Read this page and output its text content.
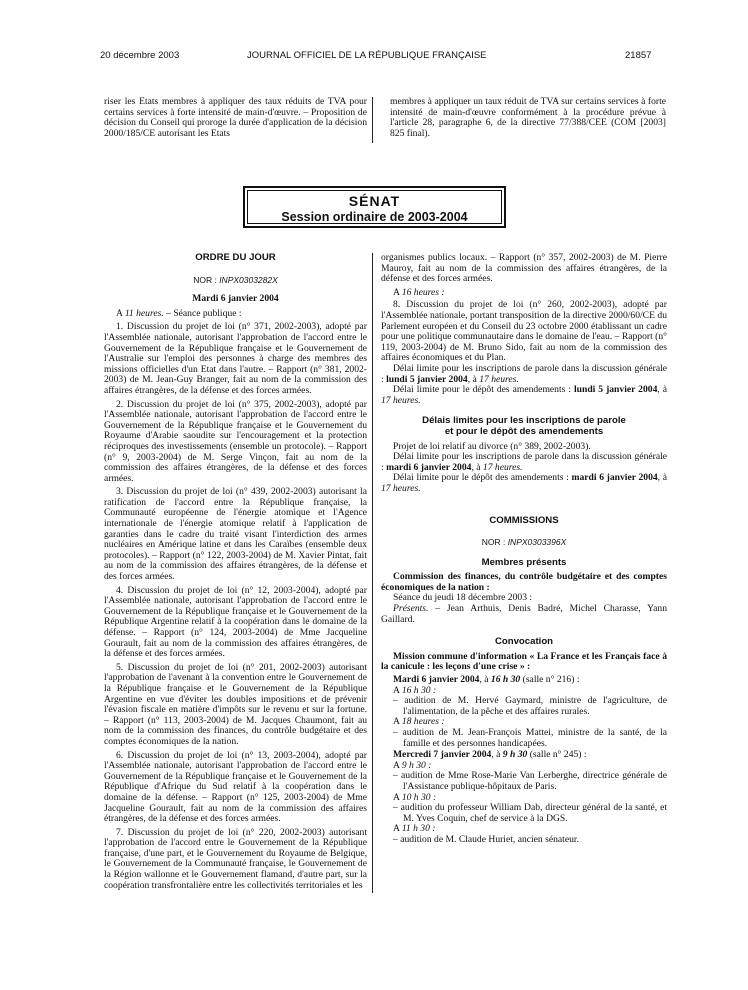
20 décembre 2003	JOURNAL OFFICIEL DE LA RÉPUBLIQUE FRANÇAISE	21857

riser les Etats membres à appliquer des taux réduits de TVA pour certains services à forte intensité de main-d'œuvre. – Proposition de décision du Conseil qui proroge la durée d'application de la décision 2000/185/CE autorisant les Etats

membres à appliquer un taux réduit de TVA sur certains services à forte intensité de main-d'œuvre conformément à la procédure prévue à l'article 28, paragraphe 6, de la directive 77/388/CEE (COM [2003] 825 final).

SÉNAT
Session ordinaire de 2003-2004

ORDRE DU JOUR

NOR : INPX0303282X

Mardi 6 janvier 2004

A 11 heures. – Séance publique :

1. Discussion du projet de loi (n° 371, 2002-2003), adopté par l'Assemblée nationale, autorisant l'approbation de l'accord entre le Gouvernement de la République française et le Gouvernement de l'Australie sur l'emploi des personnes à charge des membres des missions officielles d'un Etat dans l'autre. – Rapport (n° 381, 2002-2003) de M. Jean-Guy Branger, fait au nom de la commission des affaires étrangères, de la défense et des forces armées.

2. Discussion du projet de loi (n° 375, 2002-2003), adopté par l'Assemblée nationale, autorisant l'approbation de l'accord entre le Gouvernement de la République française et le Gouvernement du Royaume d'Arabie saoudite sur l'encouragement et la protection réciproques des investissements (ensemble un protocole). – Rapport (n° 9, 2003-2004) de M. Serge Vinçon, fait au nom de la commission des affaires étrangères, de la défense et des forces armées.

3. Discussion du projet de loi (n° 439, 2002-2003) autorisant la ratification de l'accord entre la République française, la Communauté européenne de l'énergie atomique et l'Agence internationale de l'énergie atomique relatif à l'application de garanties dans le cadre du traité visant l'interdiction des armes nucléaires en Amérique latine et dans les Caraïbes (ensemble deux protocoles). – Rapport (n° 122, 2003-2004) de M. Xavier Pintat, fait au nom de la commission des affaires étrangères, de la défense et des forces armées.

4. Discussion du projet de loi (n° 12, 2003-2004), adopté par l'Assemblée nationale, autorisant l'approbation de l'accord entre le Gouvernement de la République française et le Gouvernement de la République Argentine relatif à la coopération dans le domaine de la défense. – Rapport (n° 124, 2003-2004) de Mme Jacqueline Gourault, fait au nom de la commission des affaires étrangères, de la défense et des forces armées.

5. Discussion du projet de loi (n° 201, 2002-2003) autorisant l'approbation de l'avenant à la convention entre le Gouvernement de la République française et le Gouvernement de la République Argentine en vue d'éviter les doubles impositions et de prévenir l'évasion fiscale en matière d'impôts sur le revenu et sur la fortune. – Rapport (n° 113, 2003-2004) de M. Jacques Chaumont, fait au nom de la commission des finances, du contrôle budgétaire et des comptes économiques de la nation.

6. Discussion du projet de loi (n° 13, 2003-2004), adopté par l'Assemblée nationale, autorisant l'approbation de l'accord entre le Gouvernement de la République française et le Gouvernement de la République d'Afrique du Sud relatif à la coopération dans le domaine de la défense. – Rapport (n° 125, 2003-2004) de Mme Jacqueline Gourault, fait au nom de la commission des affaires étrangères, de la défense et des forces armées.

7. Discussion du projet de loi (n° 220, 2002-2003) autorisant l'approbation de l'accord entre le Gouvernement de la République française, d'une part, et le Gouvernement du Royaume de Belgique, le Gouvernement de la Communauté française, le Gouvernement de la Région wallonne et le Gouvernement flamand, d'autre part, sur la coopération transfrontalière entre les collectivités territoriales et les

organismes publics locaux. – Rapport (n° 357, 2002-2003) de M. Pierre Mauroy, fait au nom de la commission des affaires étrangères, de la défense et des forces armées.

A 16 heures :

8. Discussion du projet de loi (n° 260, 2002-2003), adopté par l'Assemblée nationale, portant transposition de la directive 2000/60/CE du Parlement européen et du Conseil du 23 octobre 2000 établissant un cadre pour une politique communautaire dans le domaine de l'eau. – Rapport (n° 119, 2003-2004) de M. Bruno Sido, fait au nom de la commission des affaires économiques et du Plan.

Délai limite pour les inscriptions de parole dans la discussion générale : lundi 5 janvier 2004, à 17 heures.

Délai limite pour le dépôt des amendements : lundi 5 janvier 2004, à 17 heures.

Délais limites pour les inscriptions de parole

et pour le dépôt des amendements

Projet de loi relatif au divorce (n° 389, 2002-2003).

Délai limite pour les inscriptions de parole dans la discussion générale : mardi 6 janvier 2004, à 17 heures.

Délai limite pour le dépôt des amendements : mardi 6 janvier 2004, à 17 heures.

COMMISSIONS

NOR : INPX0303396X

Membres présents

Commission des finances, du contrôle budgétaire et des comptes économiques de la nation :

Séance du jeudi 18 décembre 2003 :

Présents. – Jean Arthuis, Denis Badré, Michel Charasse, Yann Gaillard.

Convocation

Mission commune d'information « La France et les Français face à la canicule : les leçons d'une crise » :

Mardi 6 janvier 2004, à 16 h 30 (salle n° 216) :

A 16 h 30 :

– audition de M. Hervé Gaymard, ministre de l'agriculture, de l'alimentation, de la pêche et des affaires rurales.

A 18 heures :

– audition de M. Jean-François Mattei, ministre de la santé, de la famille et des personnes handicapées.

Mercredi 7 janvier 2004, à 9 h 30 (salle n° 245) :

A 9 h 30 :

– audition de Mme Rose-Marie Van Lerberghe, directrice générale de l'Assistance publique-hôpitaux de Paris.

A 10 h 30 :

– audition du professeur William Dab, directeur général de la santé, et M. Yves Coquin, chef de service à la DGS.

A 11 h 30 :

– audition de M. Claude Huriet, ancien sénateur.
